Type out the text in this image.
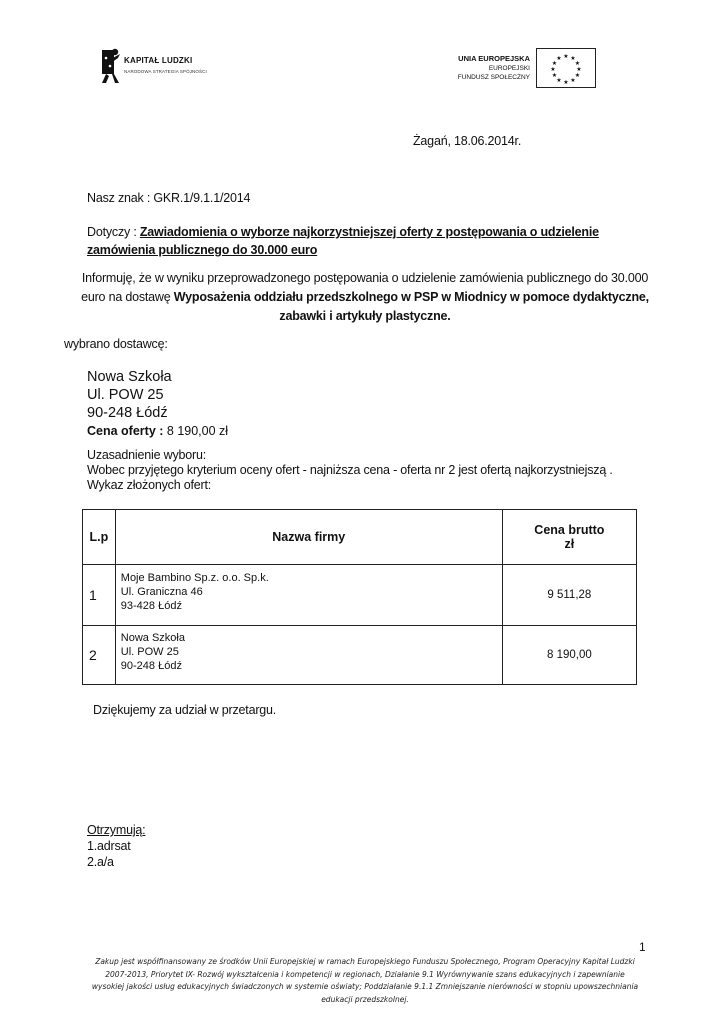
KAPITAŁ LUDZKI
NARODOWA STRATEGIA SPÓJNOŚCI
UNIA EUROPEJSKA
EUROPEJSKI
FUNDUSZ SPOŁECZNY
★ ★
★
★
★
★
★
★
★
★
★
★
Żagań, 18.06.2014r.
Nasz znak : GKR.1/9.1.1/2014
Dotyczy : Zawiadomienia o wyborze najkorzystniejszej oferty z postępowania o udzielenie zamówienia publicznego do 30.000 euro
Informuję, że w wyniku przeprowadzonego postępowania o udzielenie zamówienia publicznego do 30.000 euro na dostawę Wyposażenia oddziału przedszkolnego w PSP w Miodnicy w pomoce dydaktyczne, zabawki i artykuły plastyczne.
wybrano dostawcę:
Nowa Szkoła
Ul. POW 25
90-248 Łódź
Cena oferty : 8 190,00 zł
Uzasadnienie wyboru:
Wobec przyjętego kryterium oceny ofert - najniższa cena - oferta nr 2 jest ofertą najkorzystniejszą .
Wykaz złożonych ofert:
L.p	Nazwa firmy	Cena brutto
zł

1	Moje Bambino Sp.z. o.o. Sp.k.
Ul. Graniczna 46
93-428 Łódź	9 511,28
2	Nowa Szkoła
Ul. POW 25
90-248 Łódź	8 190,00
Dziękujemy za udział w przetargu.
Otrzymują:
1.adrsat
2.a/a
1
Zakup jest współfinansowany ze środków Unii Europejskiej w ramach Europejskiego Funduszu Społecznego, Program Operacyjny Kapitał Ludzki 2007-2013, Priorytet IX- Rozwój wykształcenia i kompetencji w regionach, Działanie 9.1 Wyrównywanie szans edukacyjnych i zapewnianie wysokiej jakości usług edukacyjnych świadczonych w systemie oświaty; Poddziałanie 9.1.1 Zmniejszanie nierówności w stopniu upowszechniania edukacji przedszkolnej.
